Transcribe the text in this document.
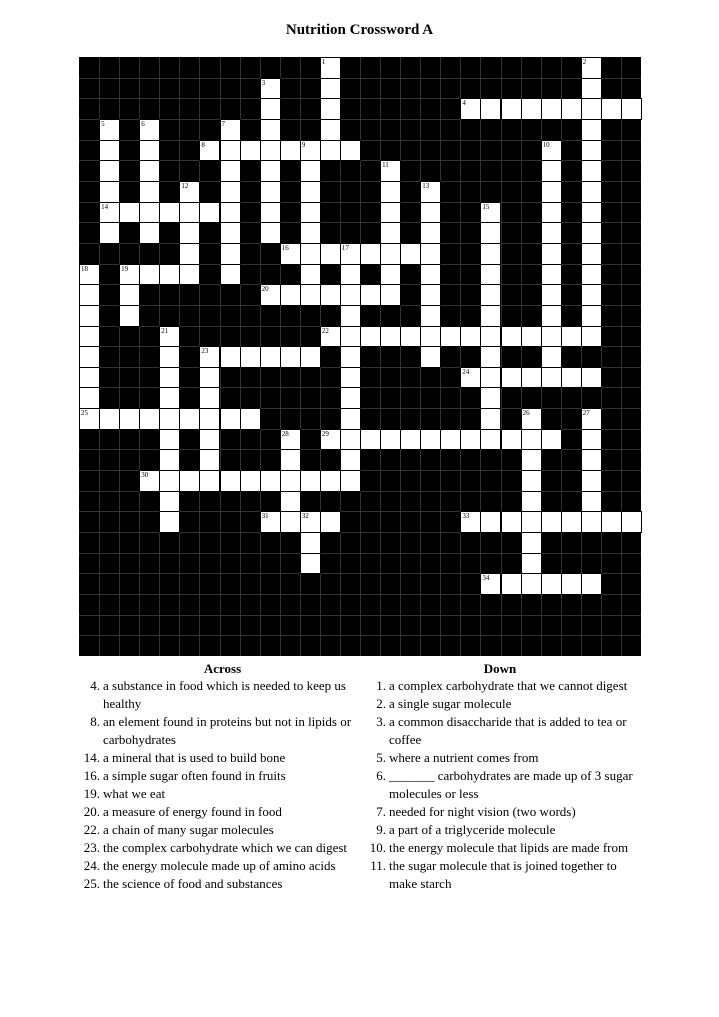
Nutrition Crossword A
1	2
3
4
5	6	7
8	9	10
11
12	13
14	15
16	17
18	19
20
21	22
23
24
25	26	27
28	29
30
31	32	33
34
Across
4. a substance in food which is needed to keep us healthy
8. an element found in proteins but not in lipids or carbohydrates
14. a mineral that is used to build bone
16. a simple sugar often found in fruits
19. what we eat
20. a measure of energy found in food
22. a chain of many sugar molecules
23. the complex carbohydrate which we can digest
24. the energy molecule made up of amino acids
25. the science of food and substances
Down
1. a complex carbohydrate that we cannot digest
2. a single sugar molecule
3. a common disaccharide that is added to tea or coffee
5. where a nutrient comes from
6. _______ carbohydrates are made up of 3 sugar molecules or less
7. needed for night vision (two words)
9. a part of a triglyceride molecule
10. the energy molecule that lipids are made from
11. the sugar molecule that is joined together to make starch
